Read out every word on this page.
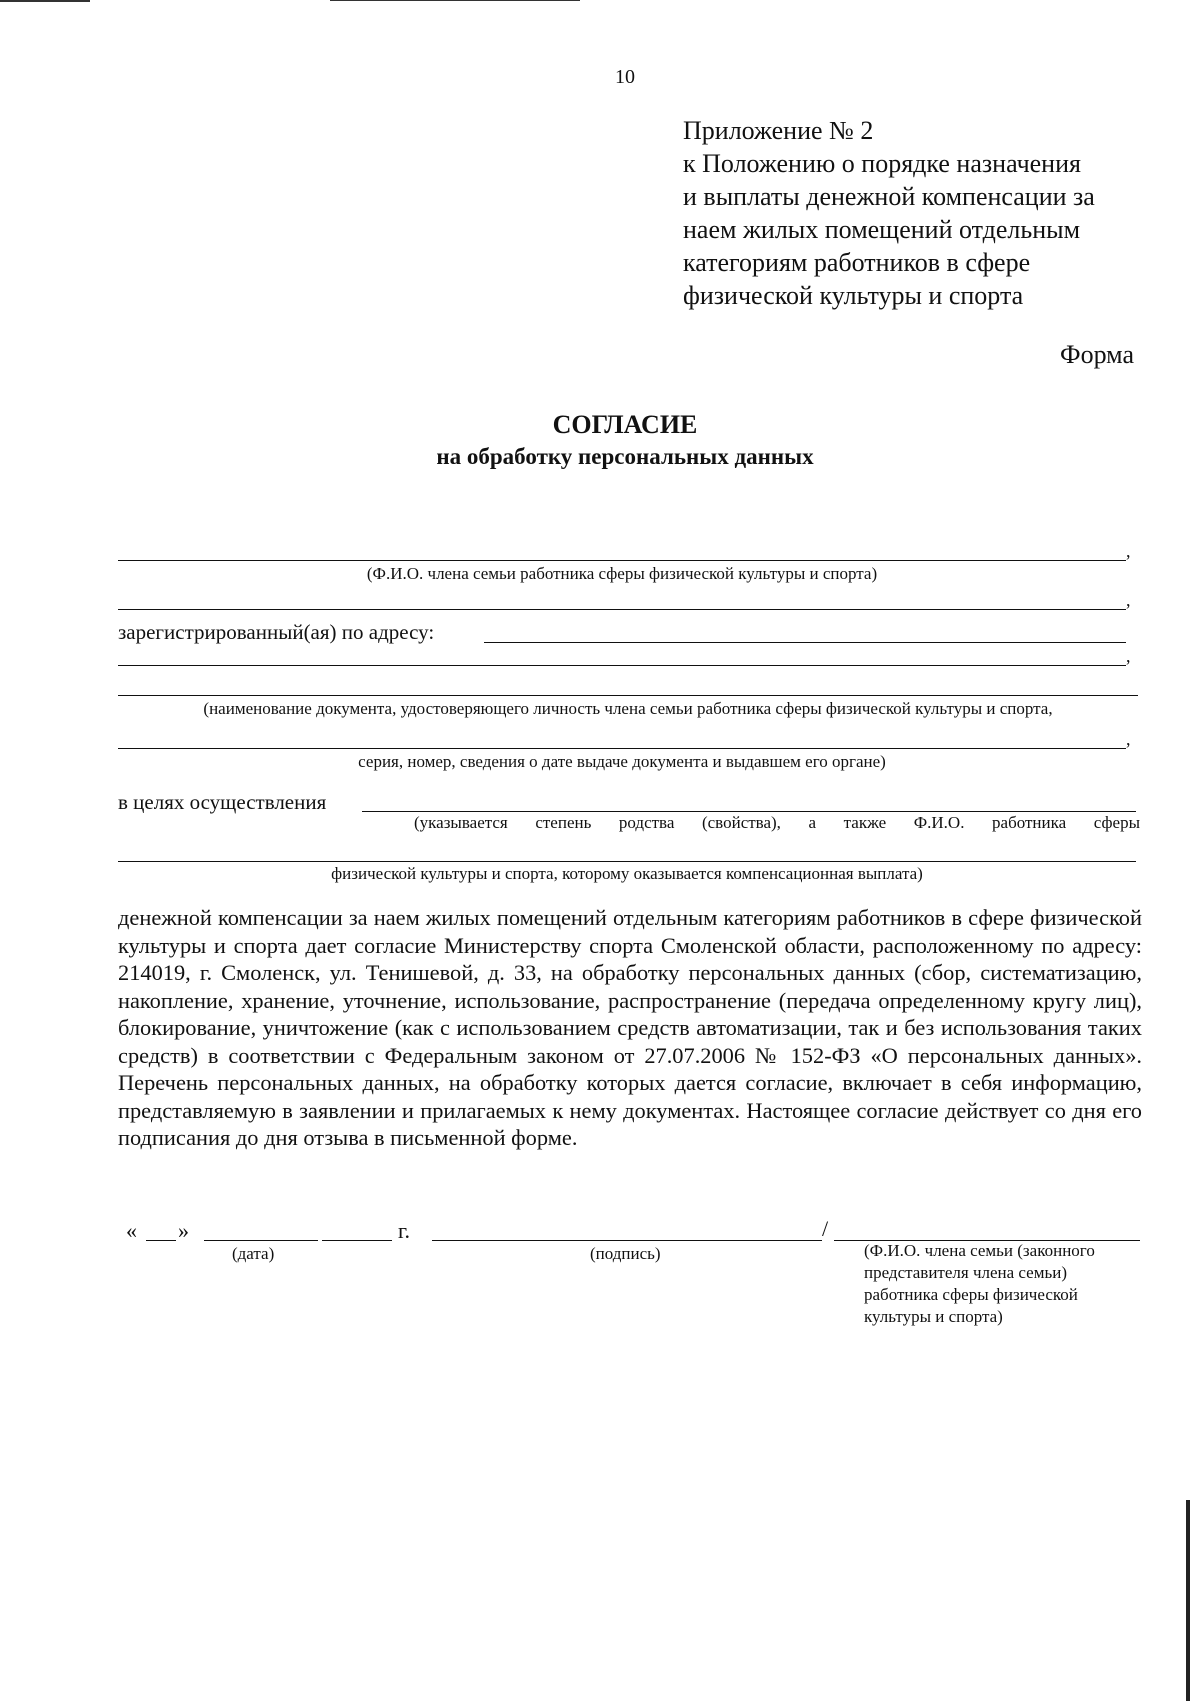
10
Приложение № 2
к Положению о порядке назначения
и выплаты денежной компенсации за
наем жилых помещений отдельным
категориям работников в сфере
физической культуры и спорта
Форма
СОГЛАСИЕ
на обработку персональных данных
,
(Ф.И.О. члена семьи работника сферы физической культуры и спорта)
,
зарегистрированный(ая) по адресу:
,
(наименование документа, удостоверяющего личность члена семьи работника сферы физической культуры и спорта,
,
серия, номер, сведения о дате выдаче документа и выдавшем его органе)
в целях осуществления
(указывается степень родства (свойства), а также Ф.И.О. работника сферы
физической культуры и спорта, которому оказывается компенсационная выплата)
денежной компенсации за наем жилых помещений отдельным категориям работников в сфере физической культуры и спорта дает согласие Министерству спорта Смоленской области, расположенному по адресу: 214019, г. Смоленск, ул. Тенишевой, д. 33, на обработку персональных данных (сбор, систематизацию, накопление, хранение, уточнение, использование, распространение (передача определенному кругу лиц), блокирование, уничтожение (как с использованием средств автоматизации, так и без использования таких средств) в соответствии с Федеральным законом от 27.07.2006 № 152-ФЗ «О персональных данных». Перечень персональных данных, на обработку которых дается согласие, включает в себя информацию, представляемую в заявлении и прилагаемых к нему документах. Настоящее согласие действует со дня его подписания до дня отзыва в письменной форме.
« »	г.	/
(дата)	(подпись)	(Ф.И.О. члена семьи (законного
представителя члена семьи)
работника сферы физической
культуры и спорта)
